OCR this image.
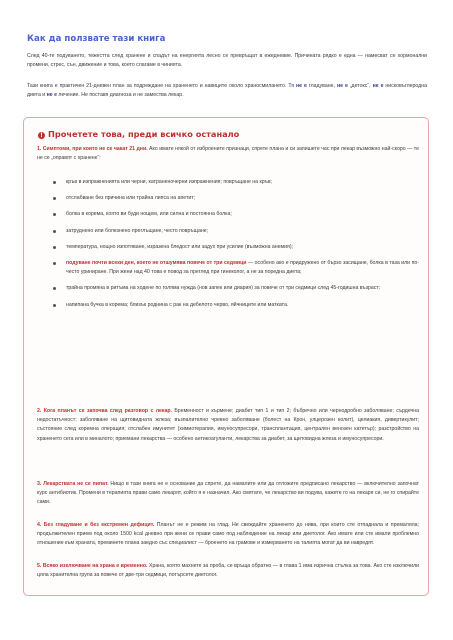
Как да ползвате тази книга

След 40-те подуването, тежестта след хранене и спадът на енергията лесно се превръщат в ежедневие. Причината рядко е една — намесват се хормонални промени, стрес, сън, движение и това, което слагаме в чинията.

Тази книга е практичен 21-дневен план за подреждане на храненето и навиците около храносмилането. Тя не е гладуване, не е „детокс“, не е нисковъглеродна диета и не е лечение. Не поставя диагноза и не замества лекар.

! Прочетете това, преди всичко останало

1. Симптоми, при които не се чакат 21 дни. Ако имате някой от изброените признаци, спрете плана и си запишете час при лекар възможно най-скоро — те не се „оправят с хранене“:

кръв в изпражненията или черни, катраненочерни изпражнения; повръщане на кръв;
отслабване без причина или трайна липса на апетит;
болка в корема, която ви буди нощем, или силна и постоянна болка;
затруднено или болезнено преглъщане, често повръщане;
температура, нощно изпотяване, изразена бледост или задух при усилие (възможна анемия);
подуване почти всеки ден, което не отшумява повече от три седмици — особено ако е придружено от бързо засищане, болка в таза или по-често уриниране. При жени над 40 това е повод за преглед при гинеколог, а не за поредна диета;
трайна промяна в ритъма на ходене по голяма нужда (нов запек или диария) за повече от три седмици след 45-годишна възраст;
напипана бучка в корема; близък роднина с рак на дебелото черво, яйчниците или матката.

2. Кога планът се започва след разговор с лекар. Бременност и кърмене; диабет тип 1 и тип 2; бъбречно или чернодробно заболяване; сърдечна недостатъчност; заболяване на щитовидната жлеза; възпалително чревно заболяване (болест на Крон, улцерозен колит), целиакия, дивертикулит; състояние след коремна операция; отслабен имунитет (химиотерапия, имуносупресори, трансплантация, централен венозен катетър); разстройство на храненето сега или в миналото; приемани лекарства — особено антикоагуланти, лекарства за диабет, за щитовидна жлеза и имуносупресори.

3. Лекарствата не се пипат. Нищо в тази книга не е основание да спрете, да намалите или да отложите предписано лекарство — включително започнат курс антибиотик. Промени в терапията прави само лекарят, който я е назначил. Ако смятате, че лекарство ви подува, кажете го на лекаря си, не го спирайте сами.

4. Без гладуване и без екстремен дефицит. Планът не е режим на глад. Не свеждайте храненето до нива, при които сте отпаднала и премаляла; продължителен прием под около 1500 kcal дневно при жени се прави само под наблюдение на лекар или диетолог. Ако имате или сте имали проблемно отношение към храната, преминете плана заедно със специалист — броенето на грамове и измерването на талията могат да ви навредят.

5. Всяко изключване на храна е временно. Храна, която махнете за проба, се връща обратно — в глава 1 има изрична стълка за това. Ако сте изключили цяла хранителна група за повече от две-три седмици, потърсете диетолог.
